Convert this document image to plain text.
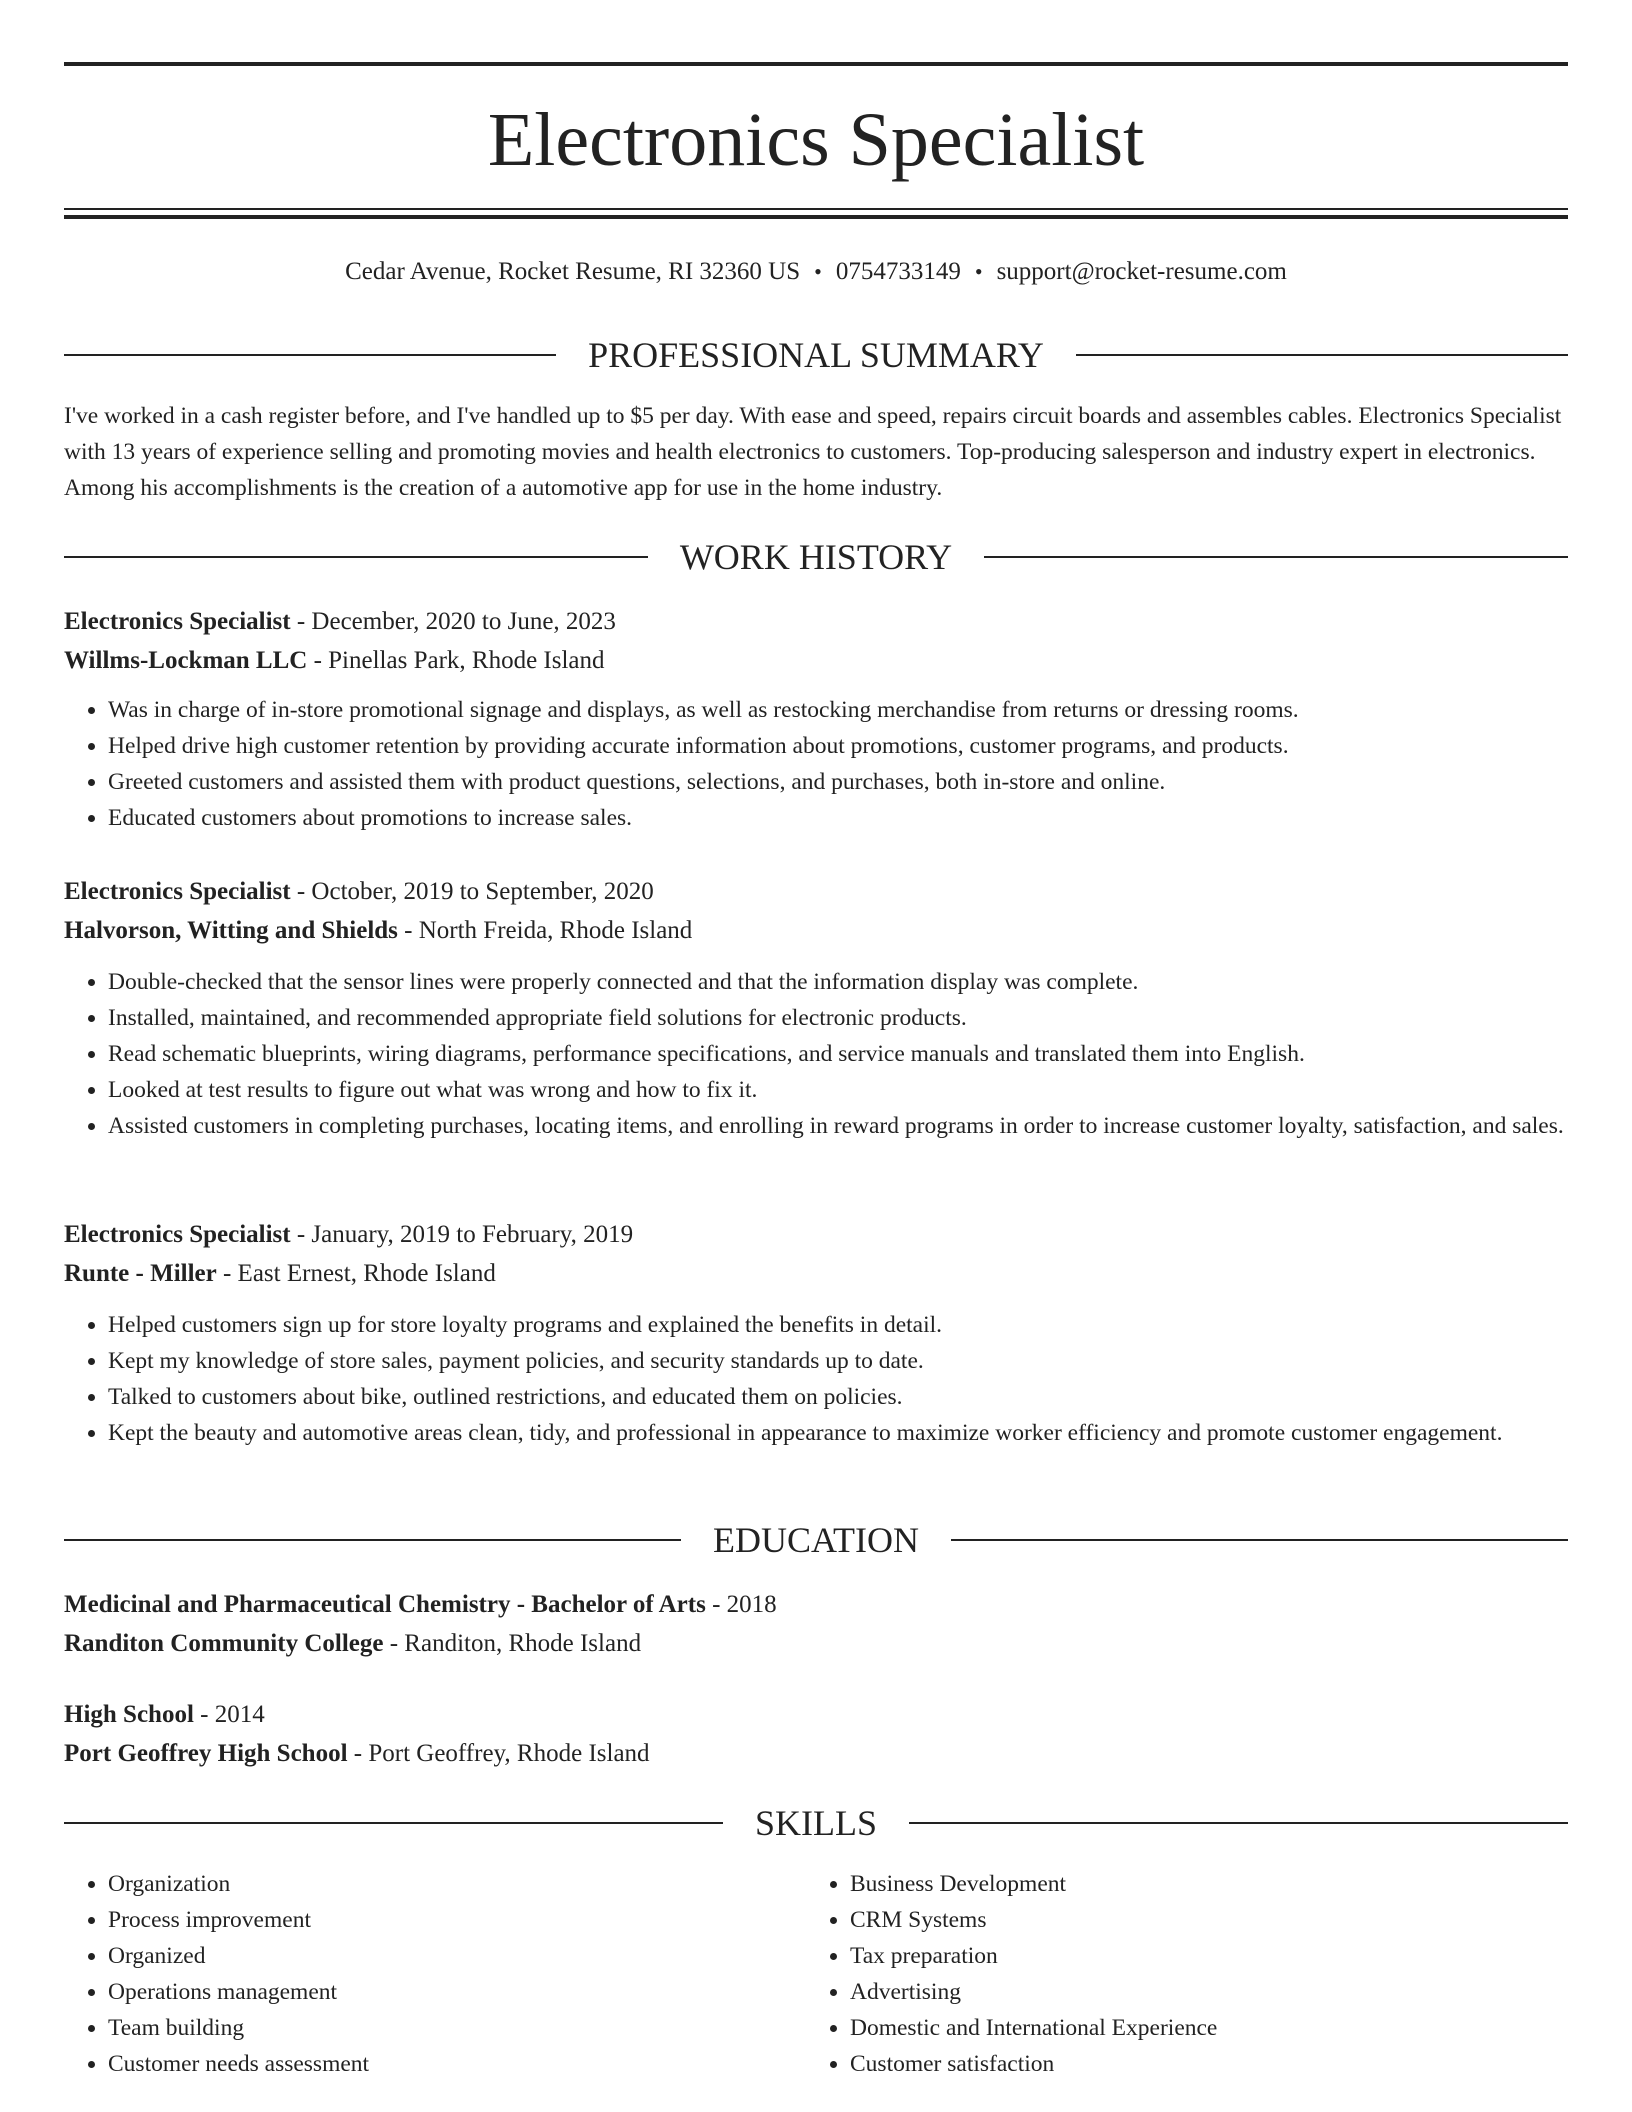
Electronics Specialist
Cedar Avenue, Rocket Resume, RI 32360 US • 0754733149 • support@rocket-resume.com
PROFESSIONAL SUMMARY

I've worked in a cash register before, and I've handled up to $5 per day. With ease and speed, repairs circuit boards and assembles cables. Electronics Specialist with 13 years of experience selling and promoting movies and health electronics to customers. Top-producing salesperson and industry expert in electronics. Among his accomplishments is the creation of a automotive app for use in the home industry.

WORK HISTORY
Electronics Specialist - December, 2020 to June, 2023
Willms-Lockman LLC - Pinellas Park, Rhode Island
• Was in charge of in-store promotional signage and displays, as well as restocking merchandise from returns or dressing rooms.
• Helped drive high customer retention by providing accurate information about promotions, customer programs, and products.
• Greeted customers and assisted them with product questions, selections, and purchases, both in-store and online.
• Educated customers about promotions to increase sales.
Electronics Specialist - October, 2019 to September, 2020
Halvorson, Witting and Shields - North Freida, Rhode Island
• Double-checked that the sensor lines were properly connected and that the information display was complete.
• Installed, maintained, and recommended appropriate field solutions for electronic products.
• Read schematic blueprints, wiring diagrams, performance specifications, and service manuals and translated them into English.
• Looked at test results to figure out what was wrong and how to fix it.
• Assisted customers in completing purchases, locating items, and enrolling in reward programs in order to increase customer loyalty, satisfaction, and sales.
Electronics Specialist - January, 2019 to February, 2019
Runte - Miller - East Ernest, Rhode Island
• Helped customers sign up for store loyalty programs and explained the benefits in detail.
• Kept my knowledge of store sales, payment policies, and security standards up to date.
• Talked to customers about bike, outlined restrictions, and educated them on policies.
• Kept the beauty and automotive areas clean, tidy, and professional in appearance to maximize worker efficiency and promote customer engagement.
EDUCATION
Medicinal and Pharmaceutical Chemistry - Bachelor of Arts - 2018
Randiton Community College - Randiton, Rhode Island
High School - 2014
Port Geoffrey High School - Port Geoffrey, Rhode Island
SKILLS
• Organization
• Process improvement
• Organized
• Operations management
• Team building
• Customer needs assessment
• Business Development
• CRM Systems
• Tax preparation
• Advertising
• Domestic and International Experience
• Customer satisfaction
